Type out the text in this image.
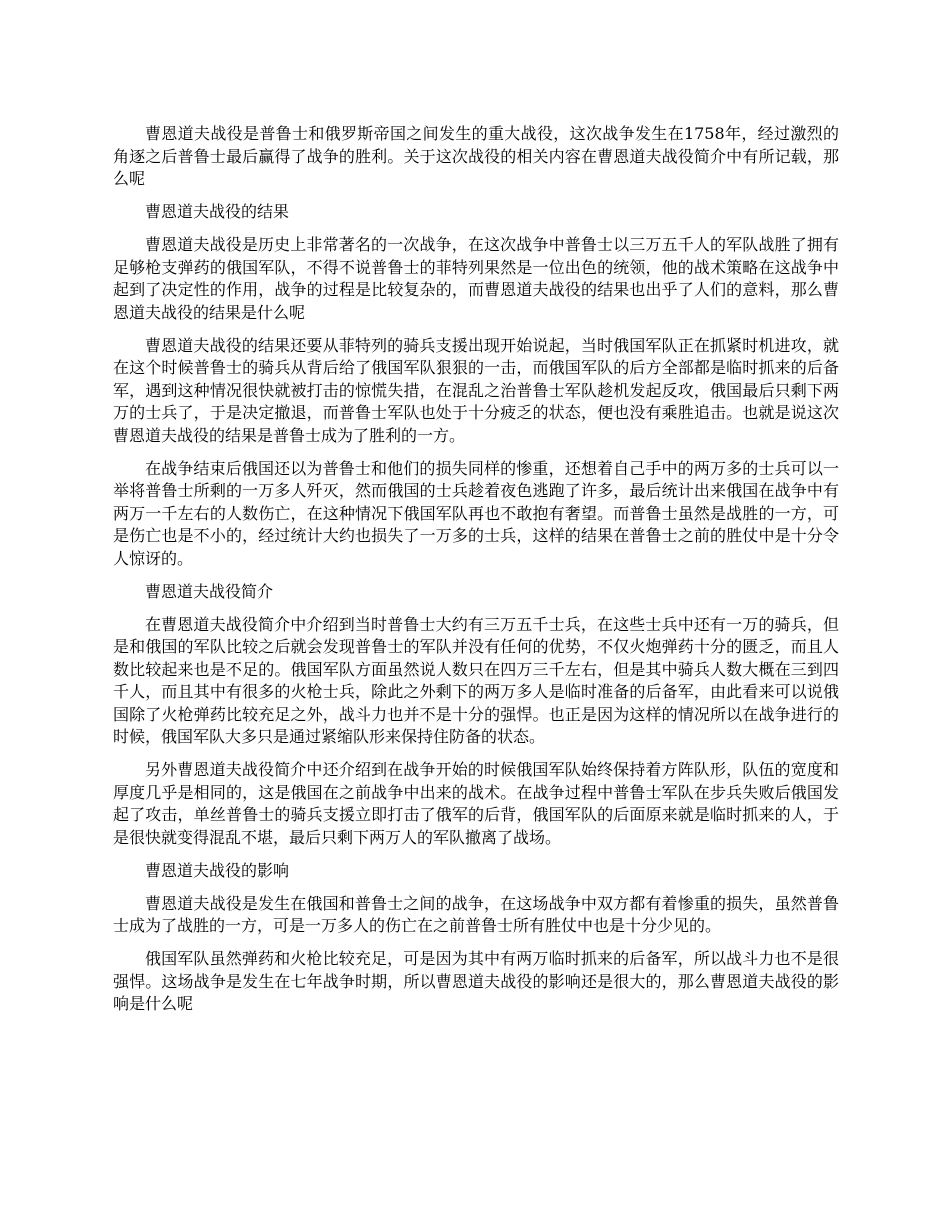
曹恩道夫战役是普鲁士和俄罗斯帝国之间发生的重大战役，这次战争发生在1758年，经过激烈的角逐之后普鲁士最后赢得了战争的胜利。关于这次战役的相关内容在曹恩道夫战役简介中有所记载，那么呢

曹恩道夫战役的结果

曹恩道夫战役是历史上非常著名的一次战争，在这次战争中普鲁士以三万五千人的军队战胜了拥有足够枪支弹药的俄国军队，不得不说普鲁士的菲特列果然是一位出色的统领，他的战术策略在这战争中起到了决定性的作用，战争的过程是比较复杂的，而曹恩道夫战役的结果也出乎了人们的意料，那么曹恩道夫战役的结果是什么呢

曹恩道夫战役的结果还要从菲特列的骑兵支援出现开始说起，当时俄国军队正在抓紧时机进攻，就在这个时候普鲁士的骑兵从背后给了俄国军队狠狠的一击，而俄国军队的后方全部都是临时抓来的后备军，遇到这种情况很快就被打击的惊慌失措，在混乱之治普鲁士军队趁机发起反攻，俄国最后只剩下两万的士兵了，于是决定撤退，而普鲁士军队也处于十分疲乏的状态，便也没有乘胜追击。也就是说这次曹恩道夫战役的结果是普鲁士成为了胜利的一方。

在战争结束后俄国还以为普鲁士和他们的损失同样的惨重，还想着自己手中的两万多的士兵可以一举将普鲁士所剩的一万多人歼灭，然而俄国的士兵趁着夜色逃跑了许多，最后统计出来俄国在战争中有两万一千左右的人数伤亡，在这种情况下俄国军队再也不敢抱有奢望。而普鲁士虽然是战胜的一方，可是伤亡也是不小的，经过统计大约也损失了一万多的士兵，这样的结果在普鲁士之前的胜仗中是十分令人惊讶的。

曹恩道夫战役简介

在曹恩道夫战役简介中介绍到当时普鲁士大约有三万五千士兵，在这些士兵中还有一万的骑兵，但是和俄国的军队比较之后就会发现普鲁士的军队并没有任何的优势，不仅火炮弹药十分的匮乏，而且人数比较起来也是不足的。俄国军队方面虽然说人数只在四万三千左右，但是其中骑兵人数大概在三到四千人，而且其中有很多的火枪士兵，除此之外剩下的两万多人是临时准备的后备军，由此看来可以说俄国除了火枪弹药比较充足之外，战斗力也并不是十分的强悍。也正是因为这样的情况所以在战争进行的时候，俄国军队大多只是通过紧缩队形来保持住防备的状态。

另外曹恩道夫战役简介中还介绍到在战争开始的时候俄国军队始终保持着方阵队形，队伍的宽度和厚度几乎是相同的，这是俄国在之前战争中出来的战术。在战争过程中普鲁士军队在步兵失败后俄国发起了攻击，单丝普鲁士的骑兵支援立即打击了俄军的后背，俄国军队的后面原来就是临时抓来的人，于是很快就变得混乱不堪，最后只剩下两万人的军队撤离了战场。

曹恩道夫战役的影响

曹恩道夫战役是发生在俄国和普鲁士之间的战争，在这场战争中双方都有着惨重的损失，虽然普鲁士成为了战胜的一方，可是一万多人的伤亡在之前普鲁士所有胜仗中也是十分少见的。

俄国军队虽然弹药和火枪比较充足，可是因为其中有两万临时抓来的后备军，所以战斗力也不是很强悍。这场战争是发生在七年战争时期，所以曹恩道夫战役的影响还是很大的，那么曹恩道夫战役的影响是什么呢
